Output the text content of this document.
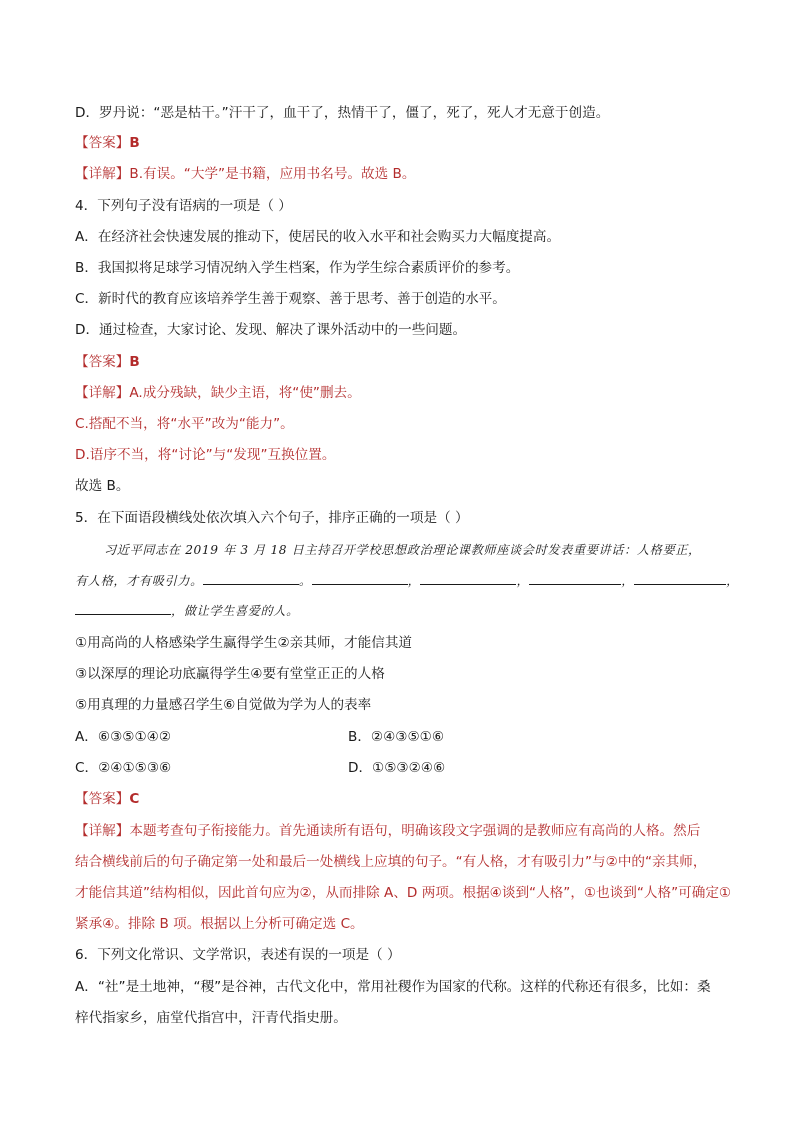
D．罗丹说：“恶是枯干。”汗干了，血干了，热情干了，僵了，死了，死人才无意于创造。
【答案】B
【详解】B.有误。“大学”是书籍，应用书名号。故选 B。
4．下列句子没有语病的一项是（ ）
A．在经济社会快速发展的推动下，使居民的收入水平和社会购买力大幅度提高。
B．我国拟将足球学习情况纳入学生档案，作为学生综合素质评价的参考。
C．新时代的教育应该培养学生善于观察、善于思考、善于创造的水平。
D．通过检查，大家讨论、发现、解决了课外活动中的一些问题。
【答案】B
【详解】A.成分残缺，缺少主语，将“使”删去。
C.搭配不当，将“水平”改为“能力”。
D.语序不当，将“讨论”与“发现”互换位置。
故选 B。
5．在下面语段横线处依次填入六个句子，排序正确的一项是（ ）
习近平同志在 2019 年 3 月 18 日主持召开学校思想政治理论课教师座谈会时发表重要讲话：人格要正，
有人格，才有吸引力。	。	，	，	，	，
，做让学生喜爱的人。
①用高尚的人格感染学生赢得学生②亲其师，才能信其道
③以深厚的理论功底赢得学生④要有堂堂正正的人格
⑤用真理的力量感召学生⑥自觉做为学为人的表率
A．⑥③⑤①④②	B．②④③⑤①⑥
C．②④①⑤③⑥	D．①⑤③②④⑥
【答案】C
【详解】本题考查句子衔接能力。首先通读所有语句，明确该段文字强调的是教师应有高尚的人格。然后
结合横线前后的句子确定第一处和最后一处横线上应填的句子。“有人格，才有吸引力”与②中的“亲其师，
才能信其道”结构相似，因此首句应为②，从而排除 A、D 两项。根据④谈到“人格”，①也谈到“人格”可确定①
紧承④。排除 B 项。根据以上分析可确定选 C。
6．下列文化常识、文学常识，表述有误的一项是（ ）
A．“社”是土地神，“稷”是谷神，古代文化中，常用社稷作为国家的代称。这样的代称还有很多，比如：桑
梓代指家乡，庙堂代指宫中，汗青代指史册。
